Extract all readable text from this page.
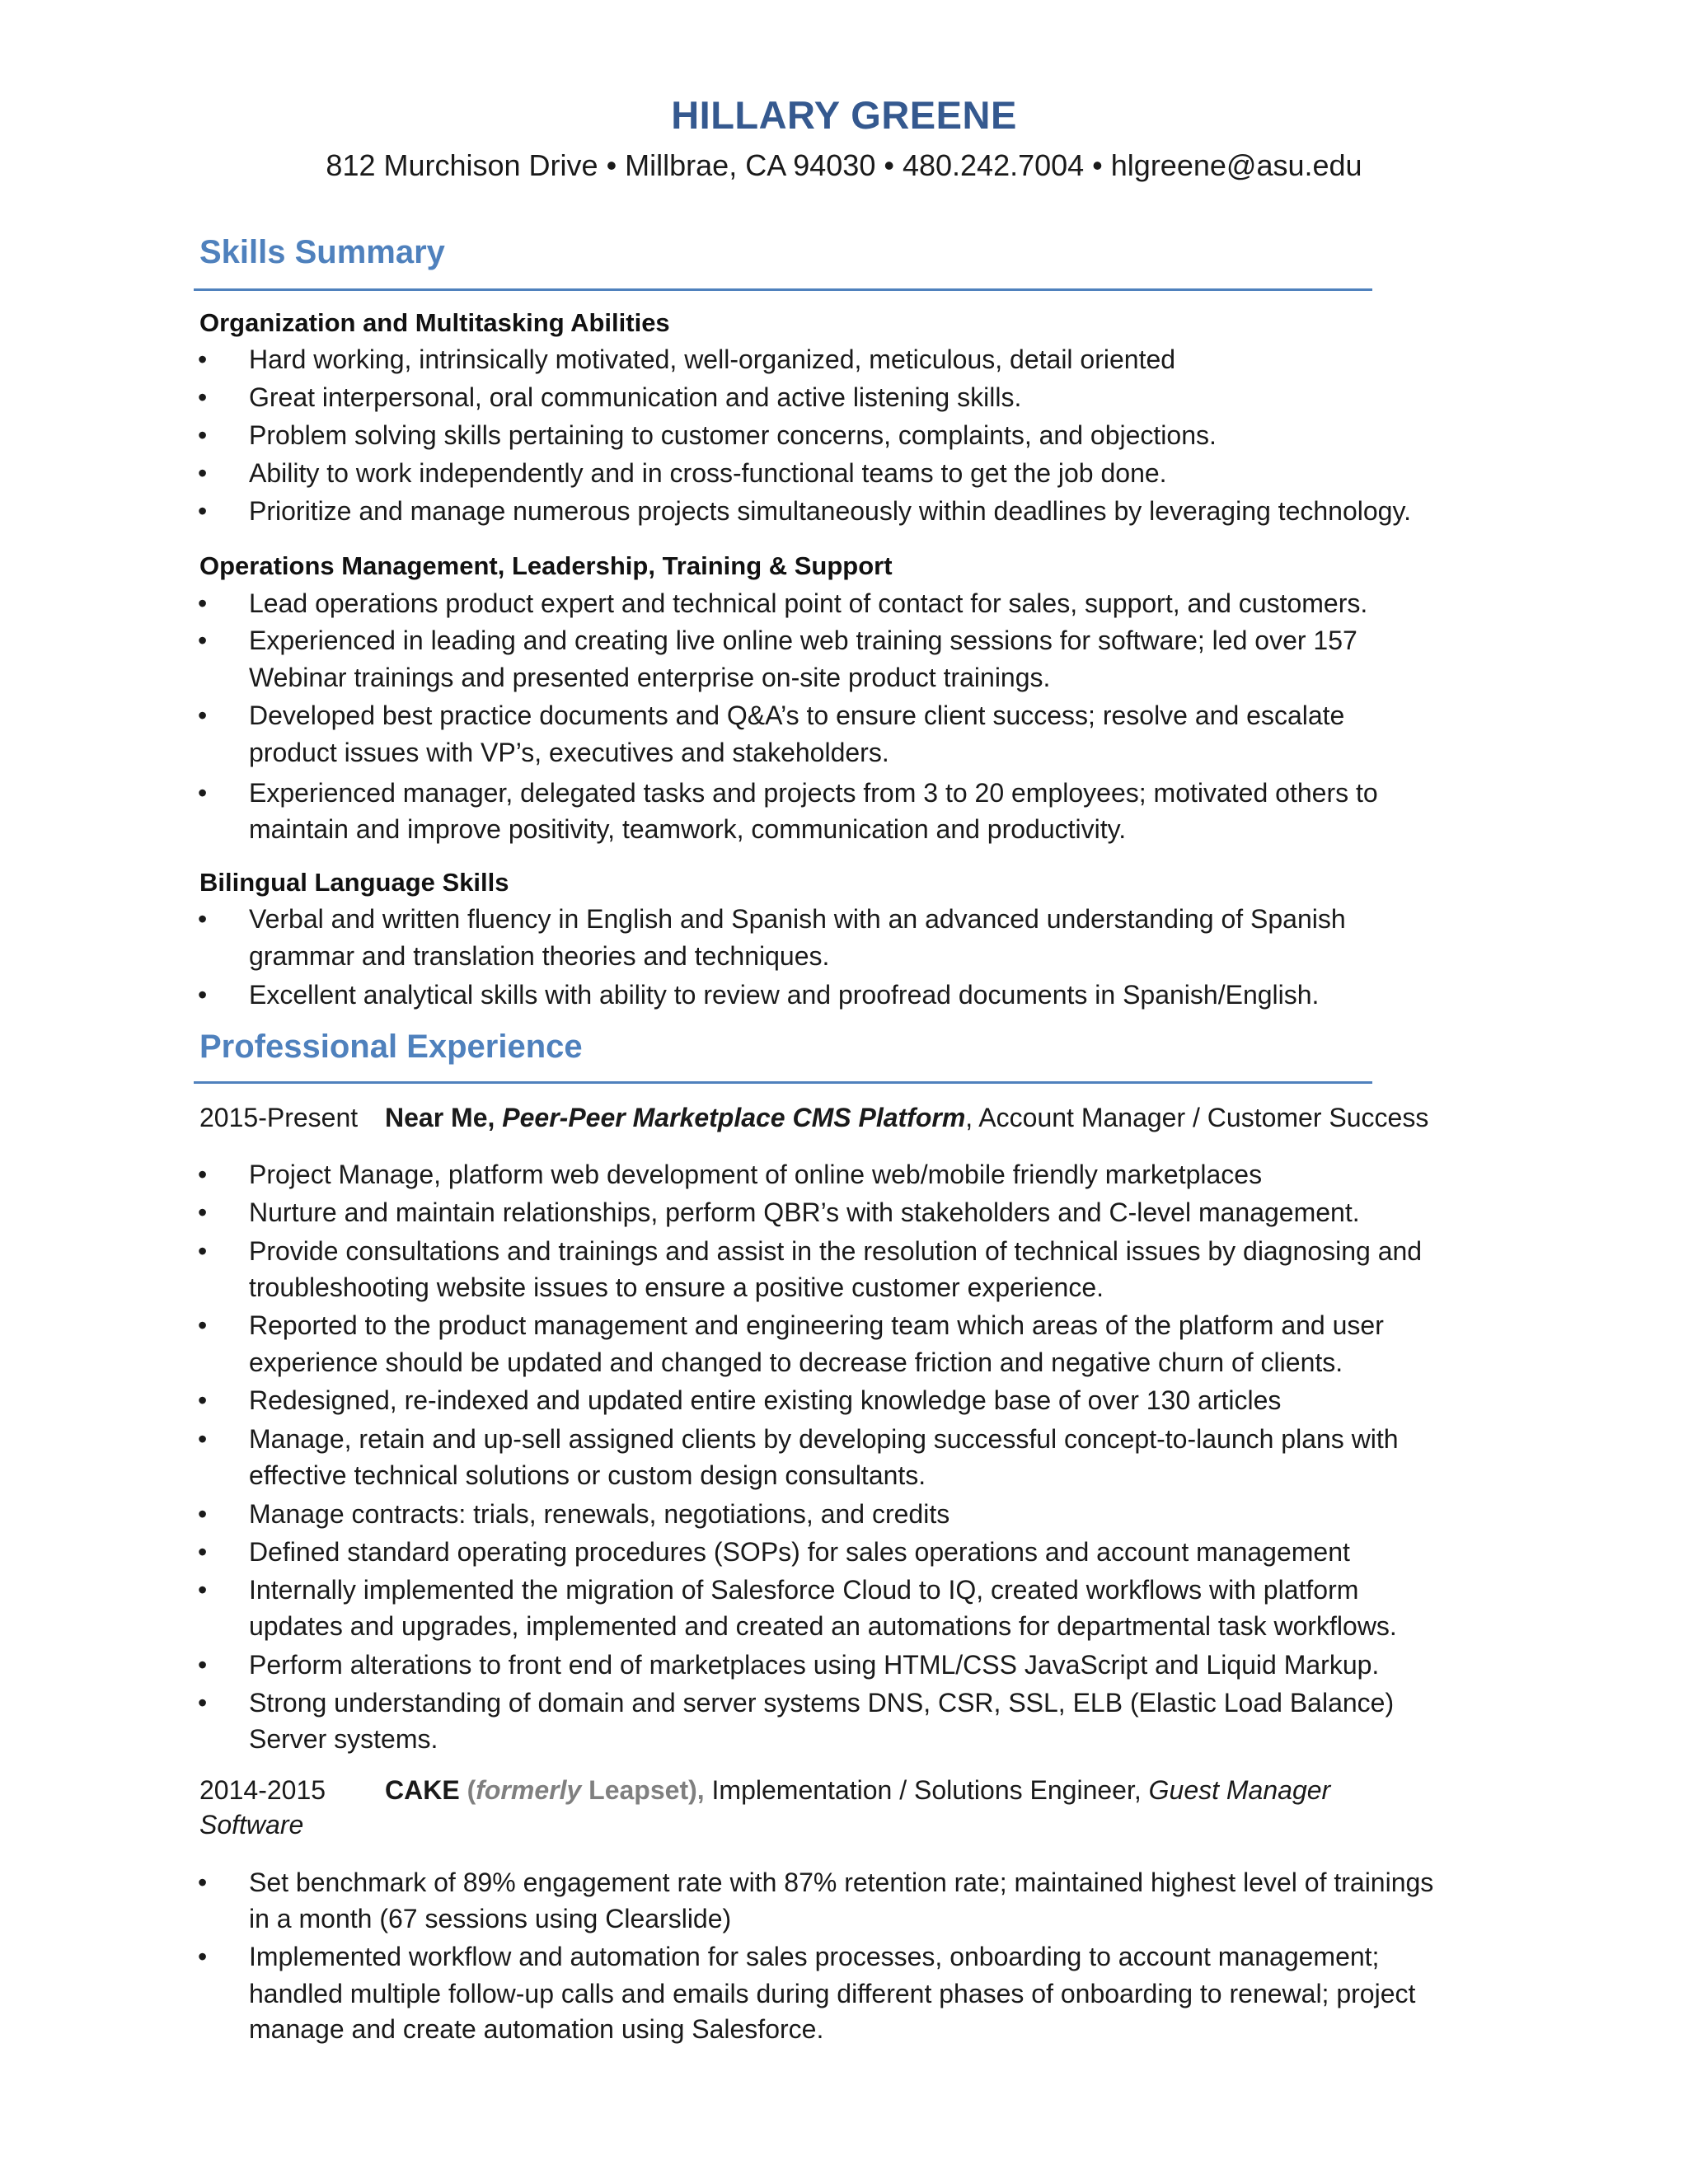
HILLARY GREENE
812 Murchison Drive • Millbrae, CA 94030 • 480.242.7004 • hlgreene@asu.edu
Skills Summary
Organization and Multitasking Abilities
•	Hard working, intrinsically motivated, well-organized, meticulous, detail oriented
•	Great interpersonal, oral communication and active listening skills.
•	Problem solving skills pertaining to customer concerns, complaints, and objections.
•	Ability to work independently and in cross-functional teams to get the job done.
•	Prioritize and manage numerous projects simultaneously within deadlines by leveraging technology.
Operations Management, Leadership, Training & Support
•	Lead operations product expert and technical point of contact for sales, support, and customers.
•	Experienced in leading and creating live online web training sessions for software; led over 157
Webinar trainings and presented enterprise on-site product trainings.
•	Developed best practice documents and Q&A’s to ensure client success; resolve and escalate
product issues with VP’s, executives and stakeholders.
•	Experienced manager, delegated tasks and projects from 3 to 20 employees; motivated others to
maintain and improve positivity, teamwork, communication and productivity.
Bilingual Language Skills
•	Verbal and written fluency in English and Spanish with an advanced understanding of Spanish
grammar and translation theories and techniques.
•	Excellent analytical skills with ability to review and proofread documents in Spanish/English.
Professional Experience
2015-Present Near Me, Peer-Peer Marketplace CMS Platform, Account Manager / Customer Success
•	Project Manage, platform web development of online web/mobile friendly marketplaces
•	Nurture and maintain relationships, perform QBR’s with stakeholders and C-level management.
•	Provide consultations and trainings and assist in the resolution of technical issues by diagnosing and
troubleshooting website issues to ensure a positive customer experience.
•	Reported to the product management and engineering team which areas of the platform and user
experience should be updated and changed to decrease friction and negative churn of clients.
•	Redesigned, re-indexed and updated entire existing knowledge base of over 130 articles
•	Manage, retain and up-sell assigned clients by developing successful concept-to-launch plans with
effective technical solutions or custom design consultants.
•	Manage contracts: trials, renewals, negotiations, and credits
•	Defined standard operating procedures (SOPs) for sales operations and account management
•	Internally implemented the migration of Salesforce Cloud to IQ, created workflows with platform
updates and upgrades, implemented and created an automations for departmental task workflows.
•	Perform alterations to front end of marketplaces using HTML/CSS JavaScript and Liquid Markup.
•	Strong understanding of domain and server systems DNS, CSR, SSL, ELB (Elastic Load Balance)
Server systems.
2014-2015 CAKE (formerly Leapset), Implementation / Solutions Engineer, Guest Manager
Software
•	Set benchmark of 89% engagement rate with 87% retention rate; maintained highest level of trainings
in a month (67 sessions using Clearslide)
•	Implemented workflow and automation for sales processes, onboarding to account management;
handled multiple follow-up calls and emails during different phases of onboarding to renewal; project
manage and create automation using Salesforce.
